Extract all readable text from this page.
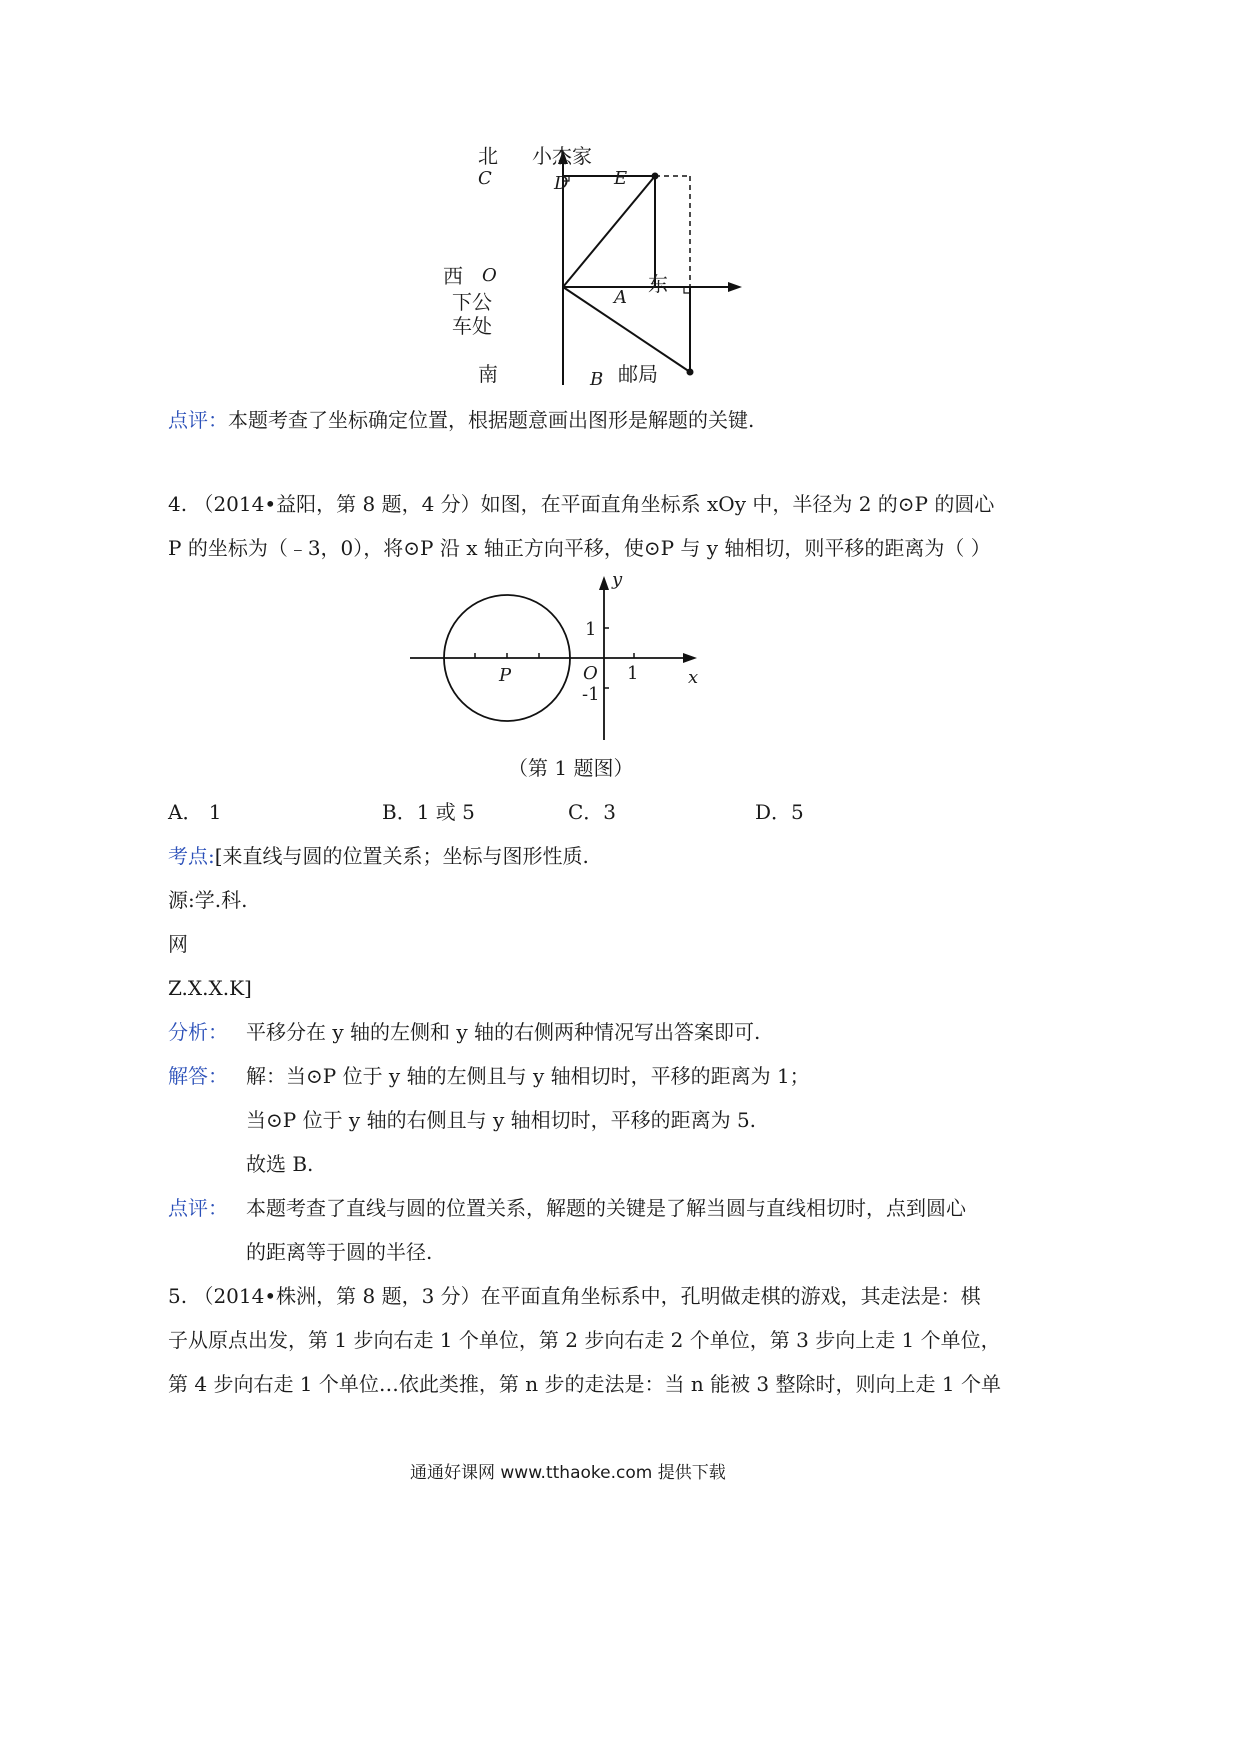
北 小杰家
C	D	E
西 O	东
A
下公
车处
南	B 邮局
点评：本题考查了坐标确定位置，根据题意画出图形是解题的关键.
4. （2014•益阳，第 8 题，4 分）如图，在平面直角坐标系 xOy 中，半径为 2 的⊙P 的圆心
P 的坐标为（﹣3，0），将⊙P 沿 x 轴正方向平移，使⊙P 与 y 轴相切，则平移的距离为（ ）
y
1
O 1	x
P
-1
（第 1 题图）
A． 1	B．1 或 5	C．3	D．5
考点:[来直线与圆的位置关系；坐标与图形性质.
源:学.科.
网
Z.X.X.K]
分析： 平移分在 y 轴的左侧和 y 轴的右侧两种情况写出答案即可.
解答： 解：当⊙P 位于 y 轴的左侧且与 y 轴相切时，平移的距离为 1；
当⊙P 位于 y 轴的右侧且与 y 轴相切时，平移的距离为 5.
故选 B.
点评： 本题考查了直线与圆的位置关系，解题的关键是了解当圆与直线相切时，点到圆心
的距离等于圆的半径.
5. （2014•株洲，第 8 题，3 分）在平面直角坐标系中，孔明做走棋的游戏，其走法是：棋
子从原点出发，第 1 步向右走 1 个单位，第 2 步向右走 2 个单位，第 3 步向上走 1 个单位，
第 4 步向右走 1 个单位…依此类推，第 n 步的走法是：当 n 能被 3 整除时，则向上走 1 个单
通通好课网 www.tthaoke.com 提供下载
